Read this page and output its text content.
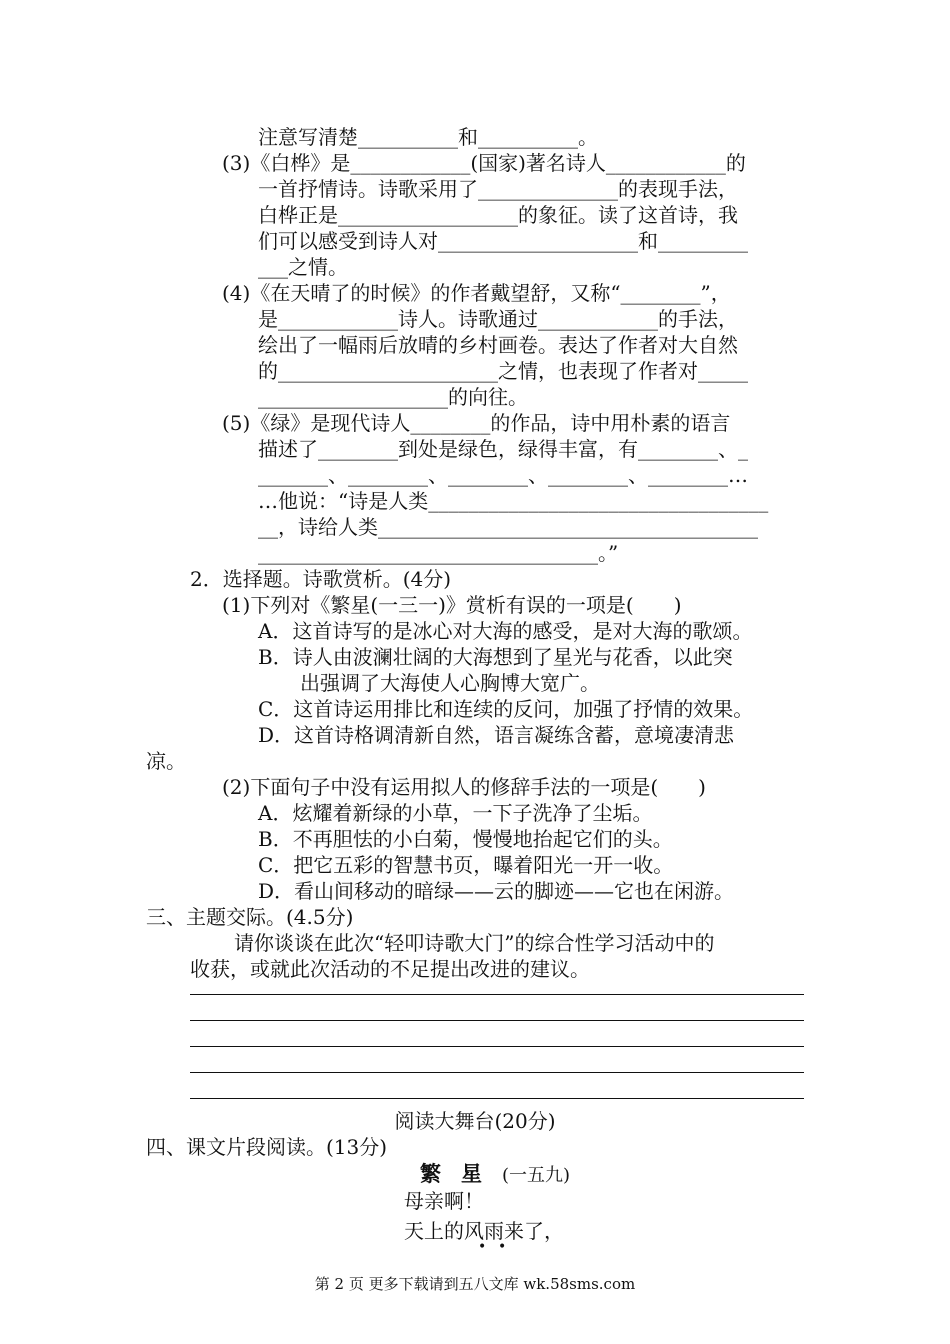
注意写清楚__________和__________。
(3)《白桦》是____________(国家)著名诗人____________的
一首抒情诗。诗歌采用了______________的表现手法，
白桦正是__________________的象征。读了这首诗，我
们可以感受到诗人对____________________和_________
___之情。
(4)《在天晴了的时候》的作者戴望舒，又称“________”，
是____________诗人。诗歌通过____________的手法，
绘出了一幅雨后放晴的乡村画卷。表达了作者对大自然
的______________________之情，也表现了作者对_____
___________________的向往。
(5)《绿》是现代诗人________的作品，诗中用朴素的语言
描述了________到处是绿色，绿得丰富，有________、_
_______、________、________、________、________…
…他说：“诗是人类__________________________________
__，诗给人类______________________________________
__________________________________。”
2．选择题。诗歌赏析。(4分)
(1)下列对《繁星(一三一)》赏析有误的一项是(　　)
A．这首诗写的是冰心对大海的感受，是对大海的歌颂。
B．诗人由波澜壮阔的大海想到了星光与花香，以此突
出强调了大海使人心胸博大宽广。
C．这首诗运用排比和连续的反问，加强了抒情的效果。
D．这首诗格调清新自然，语言凝练含蓄，意境凄清悲
凉。
(2)下面句子中没有运用拟人的修辞手法的一项是(　　)
A．炫耀着新绿的小草，一下子洗净了尘垢。
B．不再胆怯的小白菊，慢慢地抬起它们的头。
C．把它五彩的智慧书页，曝着阳光一开一收。
D．看山间移动的暗绿——云的脚迹——它也在闲游。
三、主题交际。(4.5分)
请你谈谈在此次“轻叩诗歌大门”的综合性学习活动中的
收获，或就此次活动的不足提出改进的建议。
阅读大舞台(20分)
四、课文片段阅读。(13分)
繁星(一五九)
母亲啊！
天上的风雨来了，
• •
第 2 页 更多下载请到五八文库 wk.58sms.com
